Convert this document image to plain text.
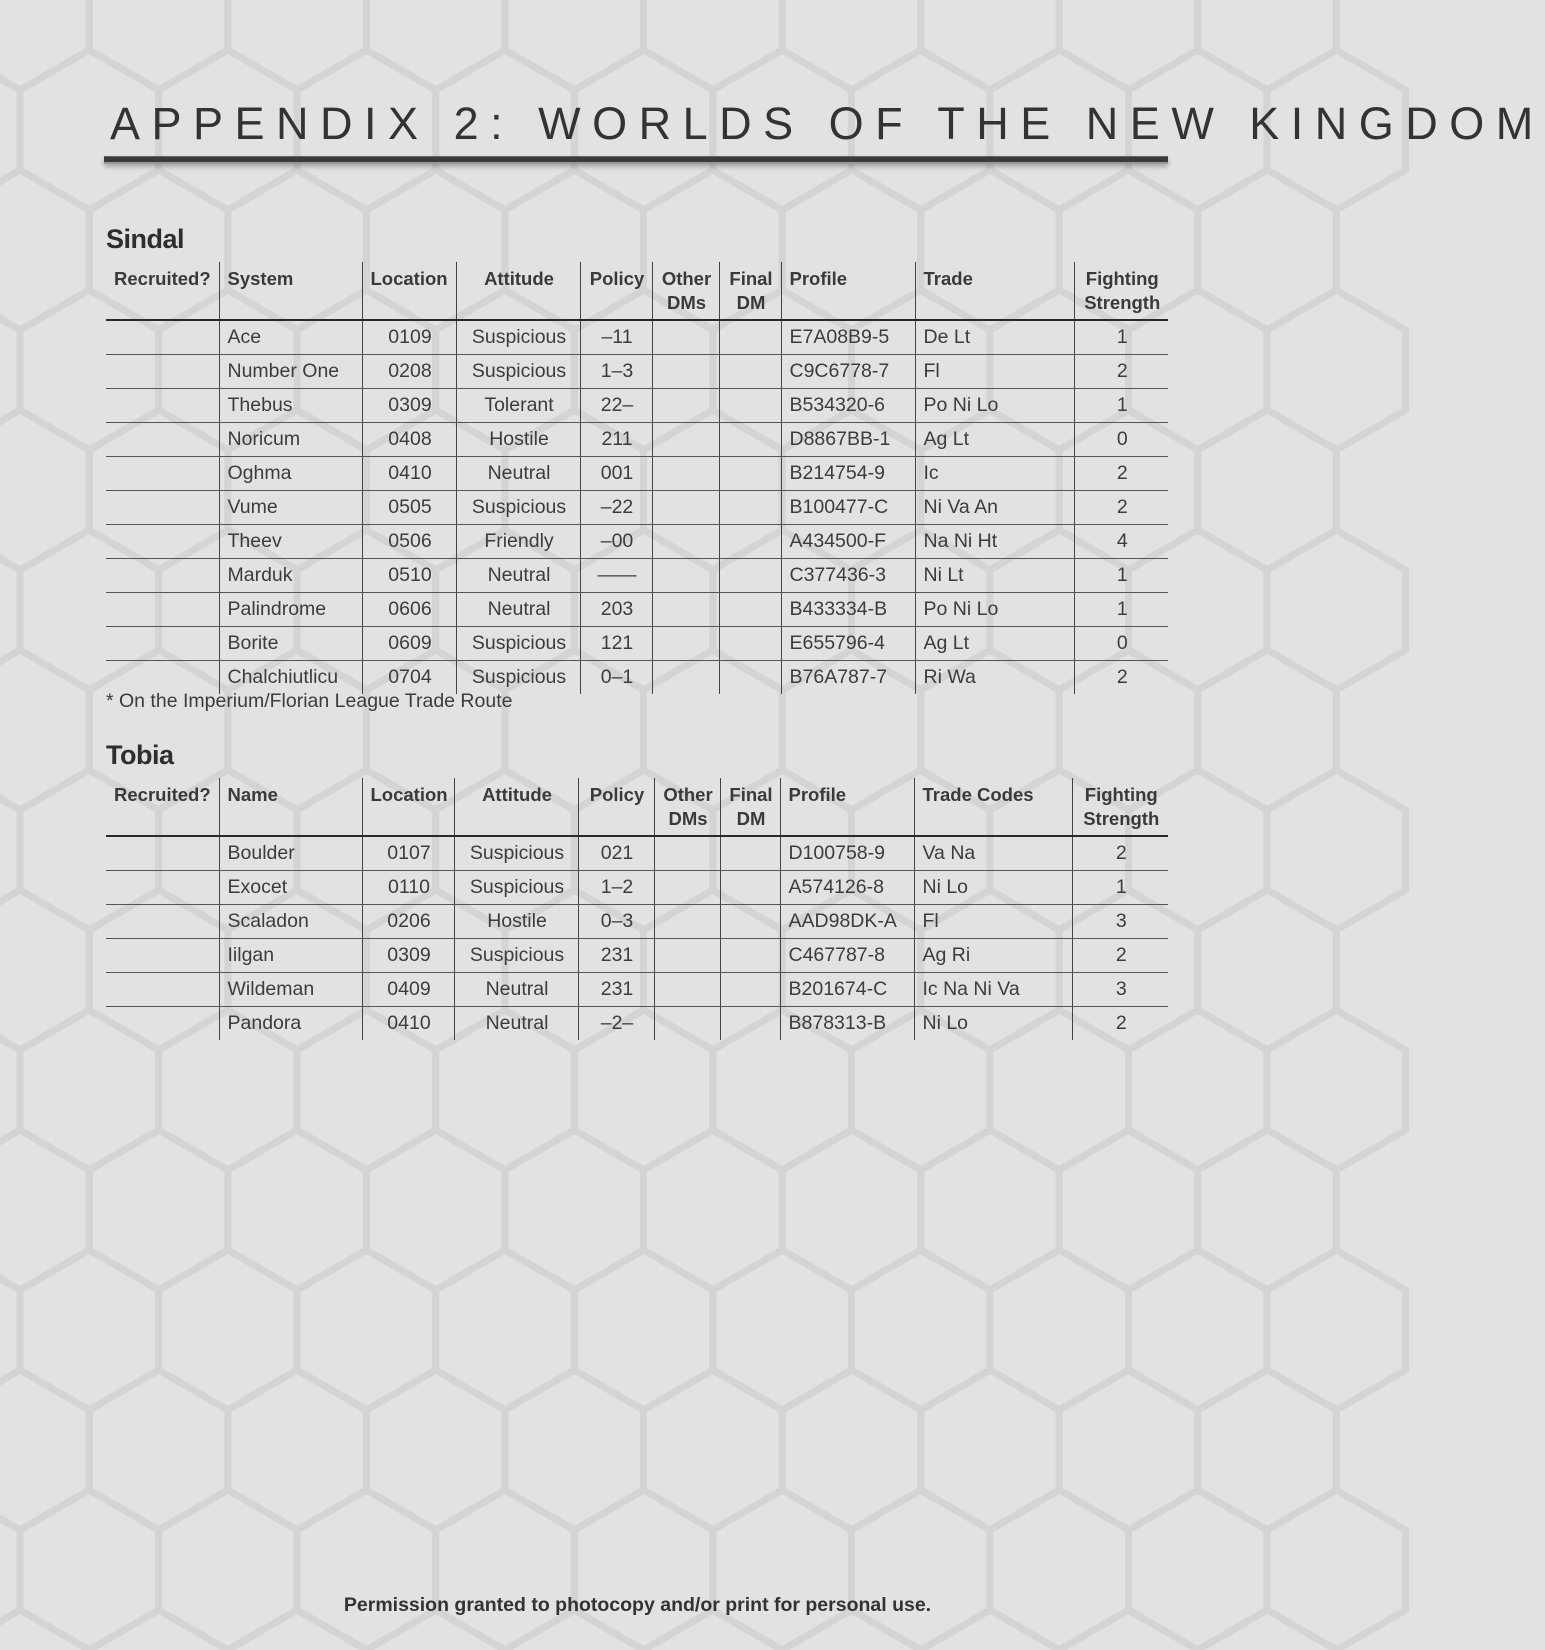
APPENDIX 2: WORLDS OF THE NEW KINGDOM
Sindal
Recruited?	System	Location	Attitude	Policy	Other DMs	Final DM	Profile	Trade	Fighting Strength
	Ace	0109	Suspicious	–11			E7A08B9-5	De Lt	1
	Number One	0208	Suspicious	1–3			C9C6778-7	Fl	2
	Thebus	0309	Tolerant	22–			B534320-6	Po Ni Lo	1
	Noricum	0408	Hostile	211			D8867BB-1	Ag Lt	0
	Oghma	0410	Neutral	001			B214754-9	Ic	2
	Vume	0505	Suspicious	–22			B100477-C	Ni Va An	2
	Theev	0506	Friendly	–00			A434500-F	Na Ni Ht	4
	Marduk	0510	Neutral	——			C377436-3	Ni Lt	1
	Palindrome	0606	Neutral	203			B433334-B	Po Ni Lo	1
	Borite	0609	Suspicious	121			E655796-4	Ag Lt	0
	Chalchiutlicu	0704	Suspicious	0–1			B76A787-7	Ri Wa	2
* On the Imperium/Florian League Trade Route
Tobia
Recruited?	Name	Location	Attitude	Policy	Other DMs	Final DM	Profile	Trade Codes	Fighting Strength
	Boulder	0107	Suspicious	021			D100758-9	Va Na	2
	Exocet	0110	Suspicious	1–2			A574126-8	Ni Lo	1
	Scaladon	0206	Hostile	0–3			AAD98DK-A	Fl	3
	Iilgan	0309	Suspicious	231			C467787-8	Ag Ri	2
	Wildeman	0409	Neutral	231			B201674-C	Ic Na Ni Va	3
	Pandora	0410	Neutral	–2–			B878313-B	Ni Lo	2
Permission granted to photocopy and/or print for personal use.
